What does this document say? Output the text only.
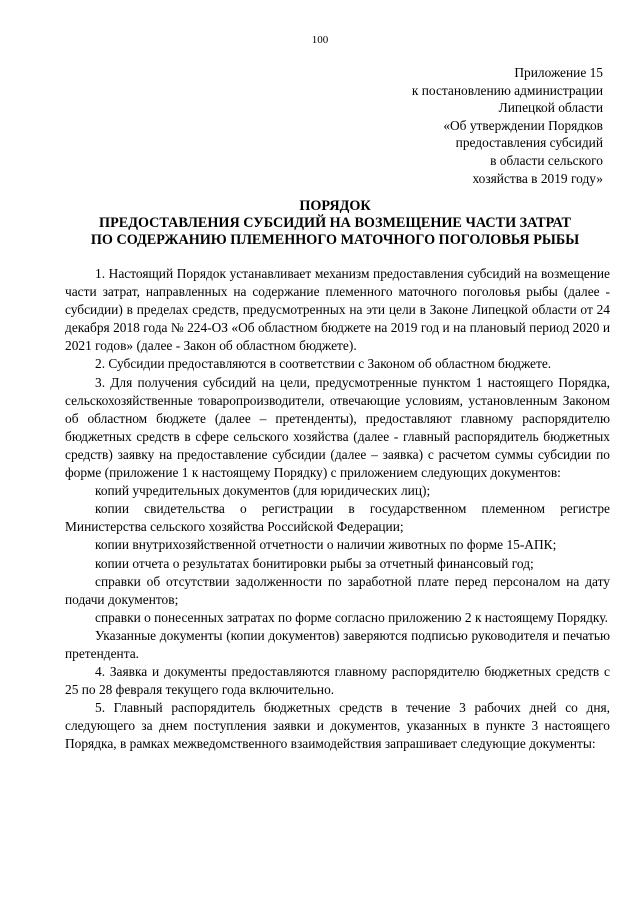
100
Приложение 15
к постановлению администрации
Липецкой области
«Об утверждении Порядков
предоставления субсидий
в области сельского
хозяйства в 2019 году»
ПОРЯДОК
ПРЕДОСТАВЛЕНИЯ СУБСИДИЙ НА ВОЗМЕЩЕНИЕ ЧАСТИ ЗАТРАТ
ПО СОДЕРЖАНИЮ ПЛЕМЕННОГО МАТОЧНОГО ПОГОЛОВЬЯ РЫБЫ

1. Настоящий Порядок устанавливает механизм предоставления субсидий на возмещение части затрат, направленных на содержание племенного маточного поголовья рыбы (далее - субсидии) в пределах средств, предусмотренных на эти цели в Законе Липецкой области от 24 декабря 2018 года № 224-ОЗ «Об областном бюджете на 2019 год и на плановый период 2020 и 2021 годов» (далее - Закон об областном бюджете).

2. Субсидии предоставляются в соответствии с Законом об областном бюджете.

3. Для получения субсидий на цели, предусмотренные пунктом 1 настоящего Порядка, сельскохозяйственные товаропроизводители, отвечающие условиям, установленным Законом об областном бюджете (далее – претенденты), предоставляют главному распорядителю бюджетных средств в сфере сельского хозяйства (далее - главный распорядитель бюджетных средств) заявку на предоставление субсидии (далее – заявка) с расчетом суммы субсидии по форме (приложение 1 к настоящему Порядку) с приложением следующих документов:

копий учредительных документов (для юридических лиц);

копии свидетельства о регистрации в государственном племенном регистре Министерства сельского хозяйства Российской Федерации;

копии внутрихозяйственной отчетности о наличии животных по форме 15-АПК;

копии отчета о результатах бонитировки рыбы за отчетный финансовый год;

справки об отсутствии задолженности по заработной плате перед персоналом на дату подачи документов;

справки о понесенных затратах по форме согласно приложению 2 к настоящему Порядку.

Указанные документы (копии документов) заверяются подписью руководителя и печатью претендента.

4. Заявка и документы предоставляются главному распорядителю бюджетных средств с 25 по 28 февраля текущего года включительно.

5. Главный распорядитель бюджетных средств в течение 3 рабочих дней со дня, следующего за днем поступления заявки и документов, указанных в пункте 3 настоящего Порядка, в рамках межведомственного взаимодействия запрашивает следующие документы:
